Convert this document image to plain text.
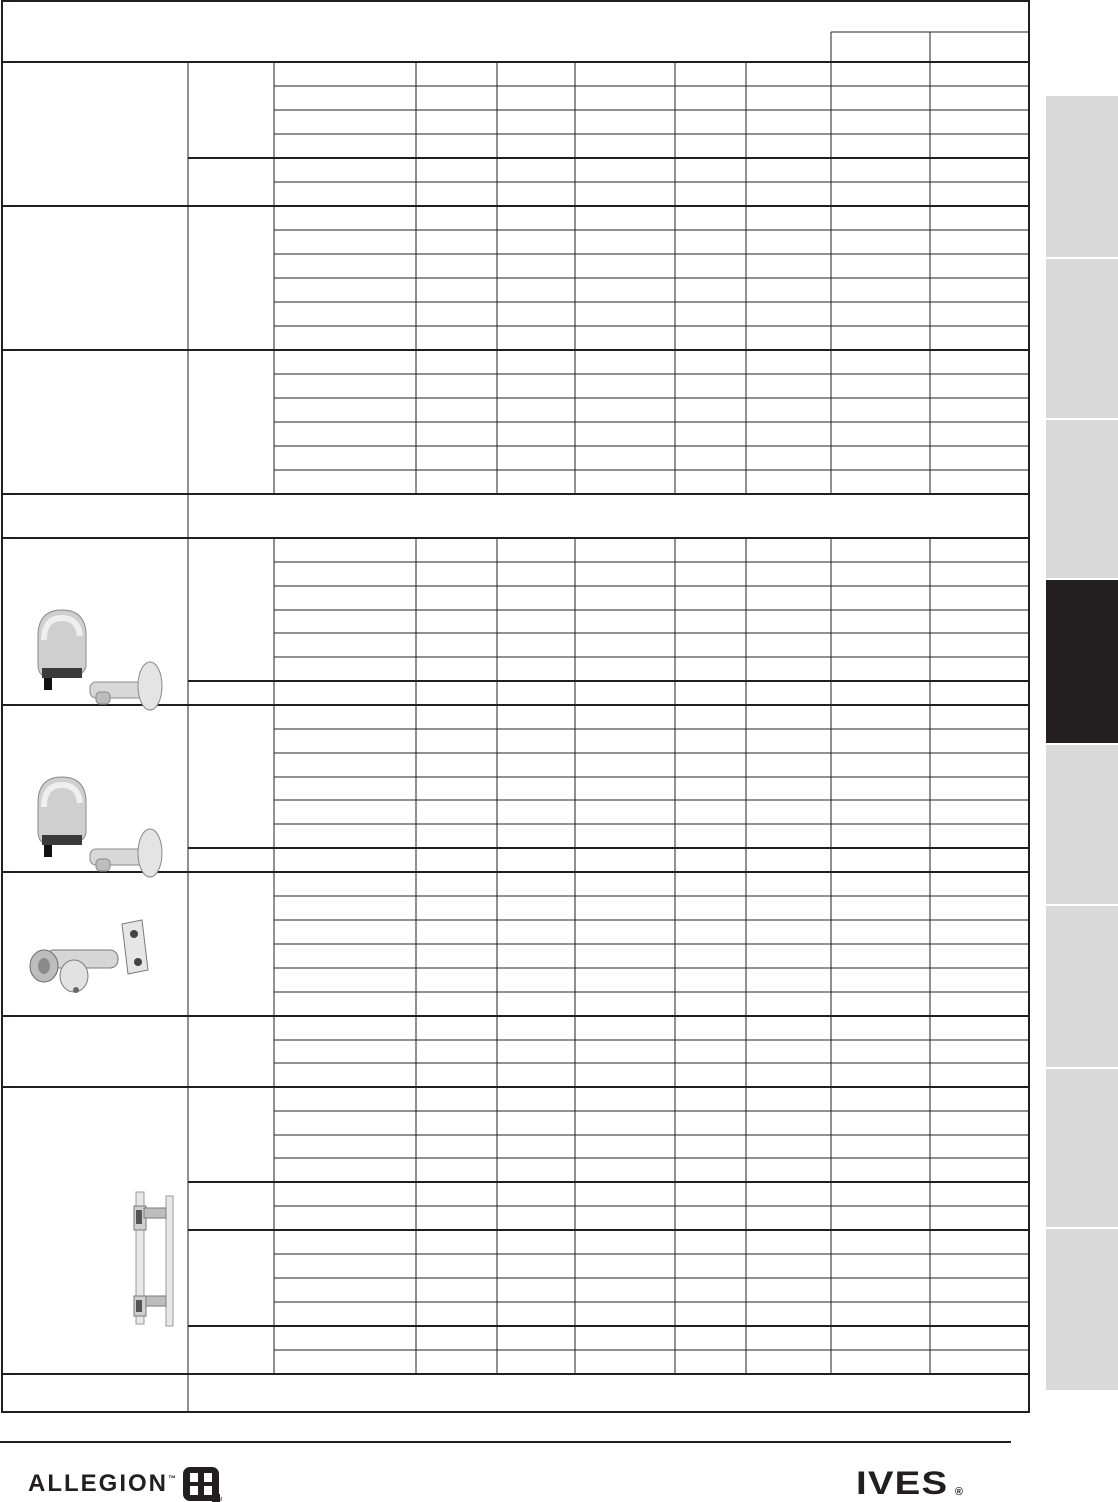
ALLEGION ™
TM	IVES ®
